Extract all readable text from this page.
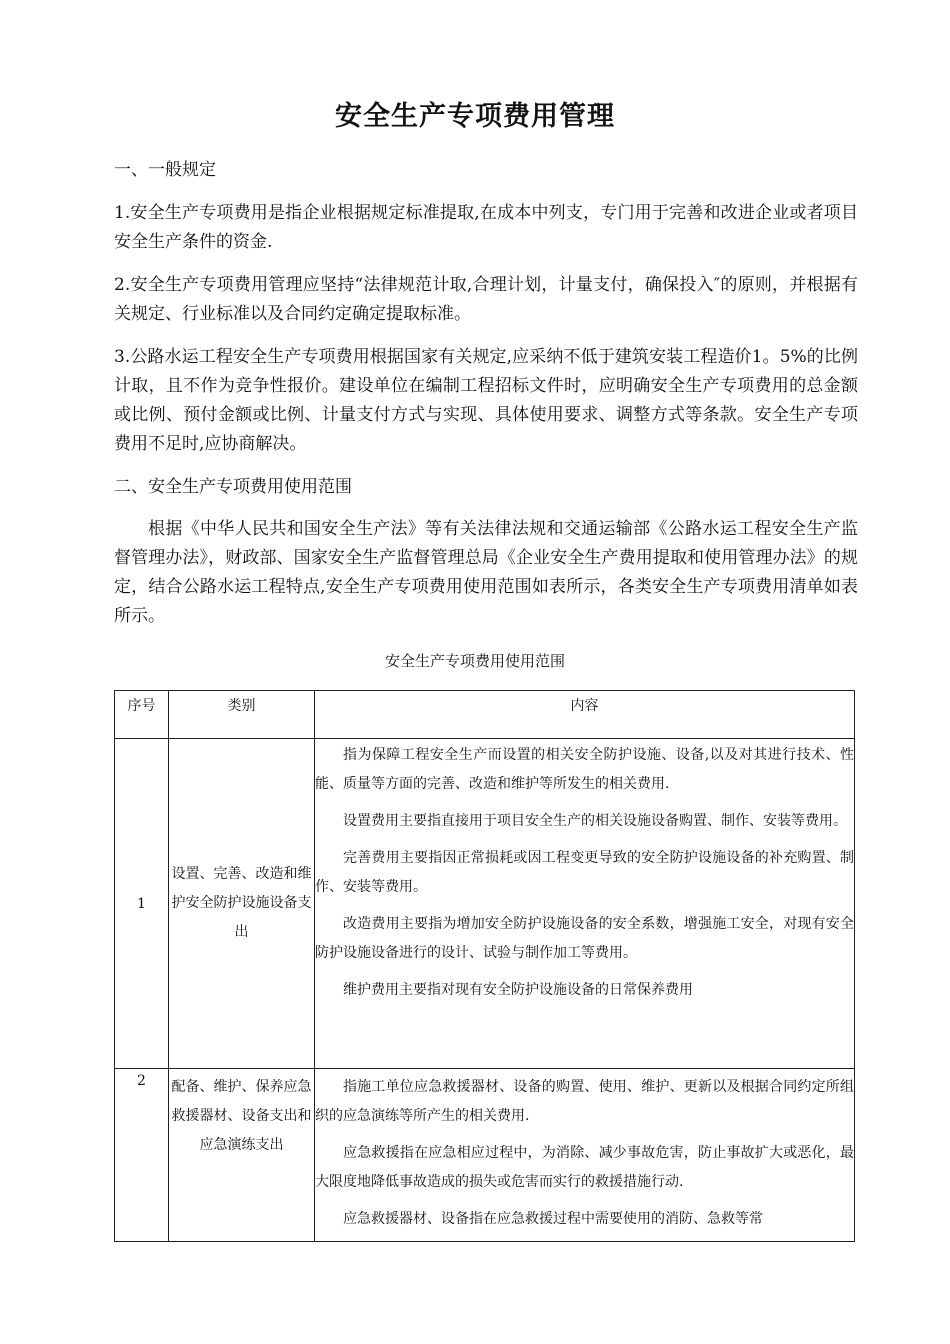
安全生产专项费用管理

一、一般规定

1.安全生产专项费用是指企业根据规定标准提取,在成本中列支，专门用于完善和改进企业或者项目安全生产条件的资金.

2.安全生产专项费用管理应坚持“法律规范计取,合理计划，计量支付，确保投入″的原则，并根据有关规定、行业标准以及合同约定确定提取标准。

3.公路水运工程安全生产专项费用根据国家有关规定,应采纳不低于建筑安装工程造价1。5%的比例计取，且不作为竞争性报价。建设单位在编制工程招标文件时，应明确安全生产专项费用的总金额或比例、预付金额或比例、计量支付方式与实现、具体使用要求、调整方式等条款。安全生产专项费用不足时,应协商解决。

二、安全生产专项费用使用范围

根据《中华人民共和国安全生产法》等有关法律法规和交通运输部《公路水运工程安全生产监督管理办法》，财政部、国家安全生产监督管理总局《企业安全生产费用提取和使用管理办法》的规定，结合公路水运工程特点,安全生产专项费用使用范围如表所示，各类安全生产专项费用清单如表所示。

安全生产专项费用使用范围
序号	类别	内容
1	设置、完善、改造和维护安全防护设施设备支出	指为保障工程安全生产而设置的相关安全防护设施、设备,以及对其进行技术、性能、质量等方面的完善、改造和维护等所发生的相关费用.

设置费用主要指直接用于项目安全生产的相关设施设备购置、制作、安装等费用。

完善费用主要指因正常损耗或因工程变更导致的安全防护设施设备的补充购置、制作、安装等费用。

改造费用主要指为增加安全防护设施设备的安全系数，增强施工安全，对现有安全防护设施设备进行的设计、试验与制作加工等费用。

维护费用主要指对现有安全防护设施设备的日常保养费用

2	配备、维护、保养应急救援器材、设备支出和应急演练支出	指施工单位应急救援器材、设备的购置、使用、维护、更新以及根据合同约定所组织的应急演练等所产生的相关费用.

应急救援指在应急相应过程中，为消除、减少事故危害，防止事故扩大或恶化，最大限度地降低事故造成的损失或危害而实行的救援措施行动.

应急救援器材、设备指在应急救援过程中需要使用的消防、急救等常
